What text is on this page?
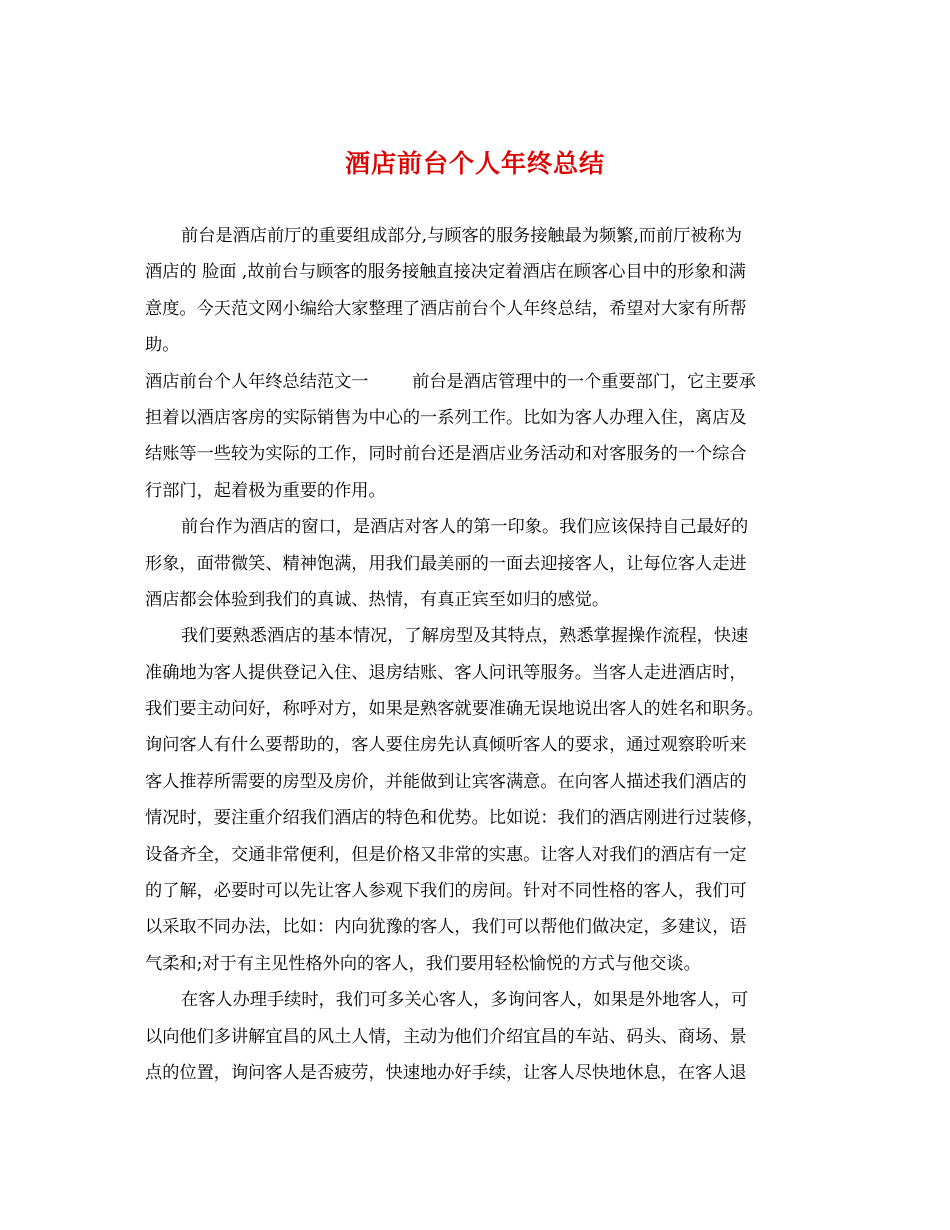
酒店前台个人年终总结
前台是酒店前厅的重要组成部分,与顾客的服务接触最为频繁,而前厅被称为
酒店的 脸面 ,故前台与顾客的服务接触直接决定着酒店在顾客心目中的形象和满
意度。今天范文网小编给大家整理了酒店前台个人年终总结，希望对大家有所帮
助。
酒店前台个人年终总结范文一        前台是酒店管理中的一个重要部门，它主要承
担着以酒店客房的实际销售为中心的一系列工作。比如为客人办理入住，离店及
结账等一些较为实际的工作，同时前台还是酒店业务活动和对客服务的一个综合
行部门，起着极为重要的作用。
前台作为酒店的窗口，是酒店对客人的第一印象。我们应该保持自己最好的
形象，面带微笑、精神饱满，用我们最美丽的一面去迎接客人，让每位客人走进
酒店都会体验到我们的真诚、热情，有真正宾至如归的感觉。
我们要熟悉酒店的基本情况，了解房型及其特点，熟悉掌握操作流程，快速
准确地为客人提供登记入住、退房结账、客人问讯等服务。当客人走进酒店时，
我们要主动问好，称呼对方，如果是熟客就要准确无误地说出客人的姓名和职务。
询问客人有什么要帮助的，客人要住房先认真倾听客人的要求，通过观察聆听来
客人推荐所需要的房型及房价，并能做到让宾客满意。在向客人描述我们酒店的
情况时，要注重介绍我们酒店的特色和优势。比如说：我们的酒店刚进行过装修，
设备齐全，交通非常便利，但是价格又非常的实惠。让客人对我们的酒店有一定
的了解，必要时可以先让客人参观下我们的房间。针对不同性格的客人，我们可
以采取不同办法，比如：内向犹豫的客人，我们可以帮他们做决定，多建议，语
气柔和;对于有主见性格外向的客人，我们要用轻松愉悦的方式与他交谈。
在客人办理手续时，我们可多关心客人，多询问客人，如果是外地客人，可
以向他们多讲解宜昌的风土人情，主动为他们介绍宜昌的车站、码头、商场、景
点的位置，询问客人是否疲劳，快速地办好手续，让客人尽快地休息，在客人退
